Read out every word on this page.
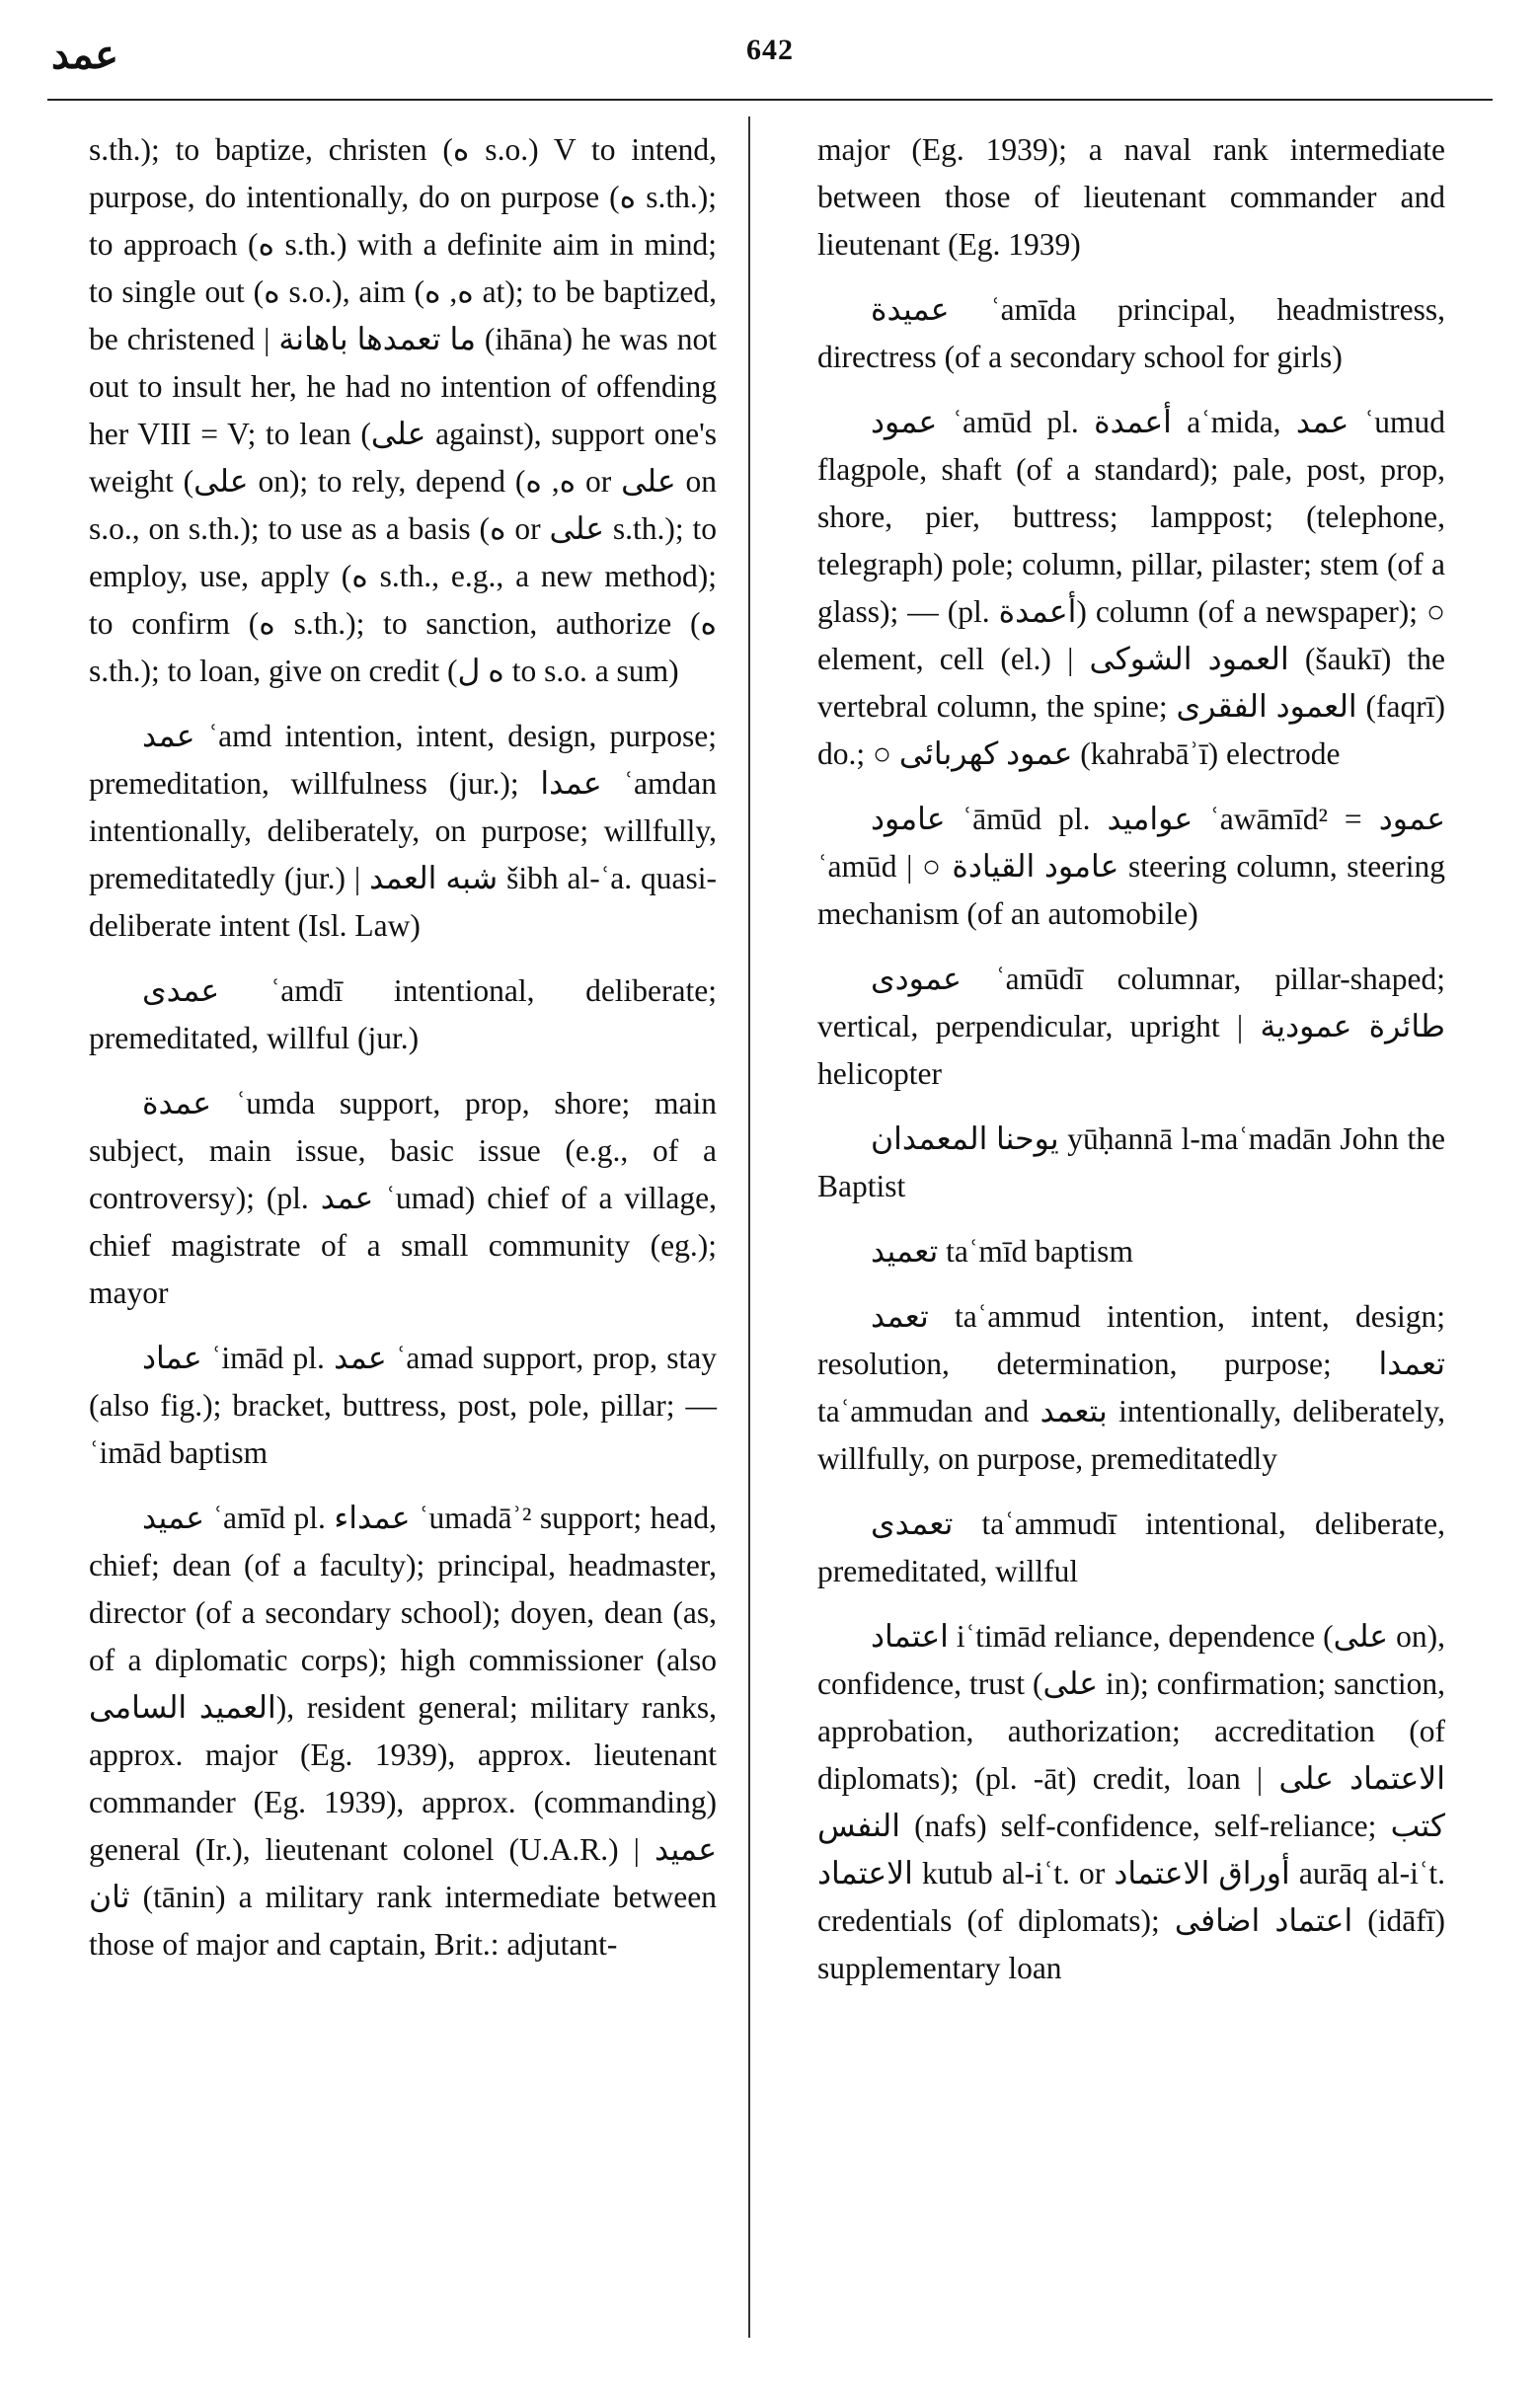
عمد	642

s.th.); to baptize, christen (ه s.o.) V to intend, purpose, do intentionally, do on purpose (ه s.th.); to approach (ه s.th.) with a definite aim in mind; to single out (ه s.o.), aim (ه, ه at); to be baptized, be christened | ما تعمدها باهانة (ihāna) he was not out to insult her, he had no intention of offending her VIII = V; to lean (على against), support one's weight (على on); to rely, depend (ه, ه or على on s.o., on s.th.); to use as a basis (ه or على s.th.); to employ, use, apply (ه s.th., e.g., a new method); to confirm (ه s.th.); to sanction, authorize (ه s.th.); to loan, give on credit (ه ل to s.o. a sum)

عمد ʿamd intention, intent, design, purpose; premeditation, willfulness (jur.); عمدا ʿamdan intentionally, deliberately, on purpose; willfully, premeditatedly (jur.) | شبه العمد šibh al-ʿa. quasi-deliberate intent (Isl. Law)

عمدى ʿamdī intentional, deliberate; premeditated, willful (jur.)

عمدة ʿumda support, prop, shore; main subject, main issue, basic issue (e.g., of a controversy); (pl. عمد ʿumad) chief of a village, chief magistrate of a small community (eg.); mayor

عماد ʿimād pl. عمد ʿamad support, prop, stay (also fig.); bracket, buttress, post, pole, pillar; — ʿimād baptism

عميد ʿamīd pl. عمداء ʿumadāʾ² support; head, chief; dean (of a faculty); principal, headmaster, director (of a secondary school); doyen, dean (as, of a diplomatic corps); high commissioner (also العميد السامى), resident general; military ranks, approx. major (Eg. 1939), approx. lieutenant commander (Eg. 1939), approx. (commanding) general (Ir.), lieutenant colonel (U.A.R.) | عميد ثان (tānin) a military rank intermediate between those of major and captain, Brit.: adjutant-

major (Eg. 1939); a naval rank intermediate between those of lieutenant commander and lieutenant (Eg. 1939)

عميدة ʿamīda principal, headmistress, directress (of a secondary school for girls)

عمود ʿamūd pl. أعمدة aʿmida, عمد ʿumud flagpole, shaft (of a standard); pale, post, prop, shore, pier, buttress; lamppost; (telephone, telegraph) pole; column, pillar, pilaster; stem (of a glass); — (pl. أعمدة) column (of a newspaper); ○ element, cell (el.) | العمود الشوكى (šaukī) the vertebral column, the spine; العمود الفقرى (faqrī) do.; ○ عمود كهربائى (kahrabāʾī) electrode

عامود ʿāmūd pl. عواميد ʿawāmīd² = عمود ʿamūd | ○ عامود القيادة steering column, steering mechanism (of an automobile)

عمودى ʿamūdī columnar, pillar-shaped; vertical, perpendicular, upright | طائرة عمودية helicopter

يوحنا المعمدان yūḥannā l-maʿmadān John the Baptist

تعميد taʿmīd baptism

تعمد taʿammud intention, intent, design; resolution, determination, purpose; تعمدا taʿammudan and بتعمد intentionally, deliberately, willfully, on purpose, premeditatedly

تعمدى taʿammudī intentional, deliberate, premeditated, willful

اعتماد iʿtimād reliance, dependence (على on), confidence, trust (على in); confirmation; sanction, approbation, authorization; accreditation (of diplomats); (pl. -āt) credit, loan | الاعتماد على النفس (nafs) self-confidence, self-reliance; كتب الاعتماد kutub al-iʿt. or أوراق الاعتماد aurāq al-iʿt. credentials (of diplomats); اعتماد اضافى (idāfī) supplementary loan
